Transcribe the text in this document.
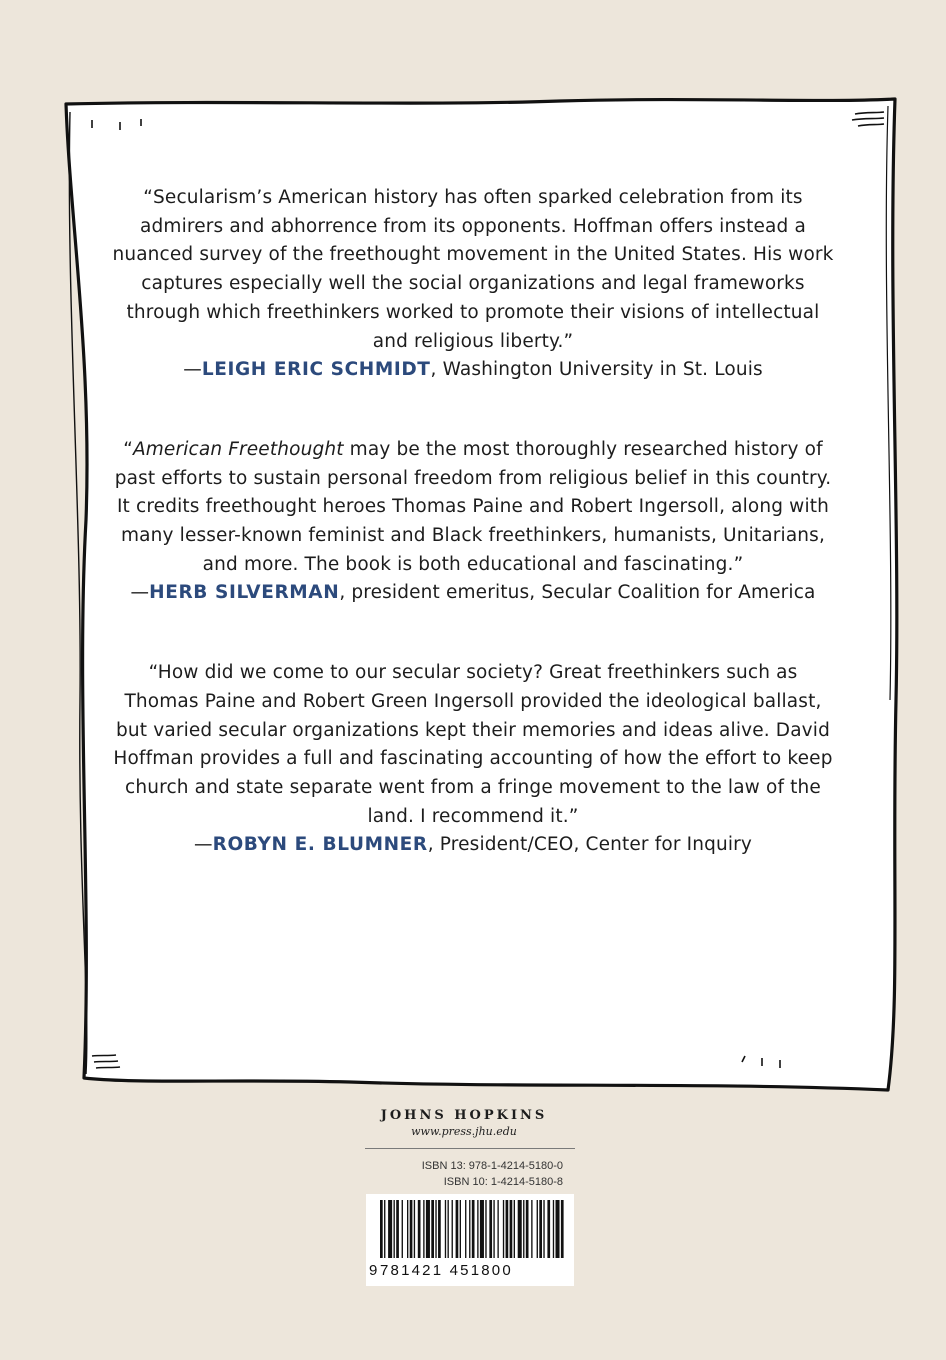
“Secularism’s American history has often sparked celebration from its admirers and abhorrence from its opponents. Hoffman offers instead a nuanced survey of the freethought movement in the United States. His work captures especially well the social organizations and legal frameworks through which freethinkers worked to promote their visions of intellectual and religious liberty.”
—LEIGH ERIC SCHMIDT, Washington University in St. Louis
“American Freethought may be the most thoroughly researched history of past efforts to sustain personal freedom from religious belief in this country. It credits freethought heroes Thomas Paine and Robert Ingersoll, along with many lesser-known feminist and Black freethinkers, humanists, Unitarians, and more. The book is both educational and fascinating.”
—HERB SILVERMAN, president emeritus, Secular Coalition for America
“How did we come to our secular society? Great freethinkers such as Thomas Paine and Robert Green Ingersoll provided the ideological ballast, but varied secular organizations kept their memories and ideas alive. David Hoffman provides a full and fascinating accounting of how the effort to keep church and state separate went from a fringe movement to the law of the land. I recommend it.”
—ROBYN E. BLUMNER, President/CEO, Center for Inquiry
JOHNS HOPKINS
www.press.jhu.edu
ISBN 13: 978-1-4214-5180-0
ISBN 10: 1-4214-5180-8
9 781421 451800
